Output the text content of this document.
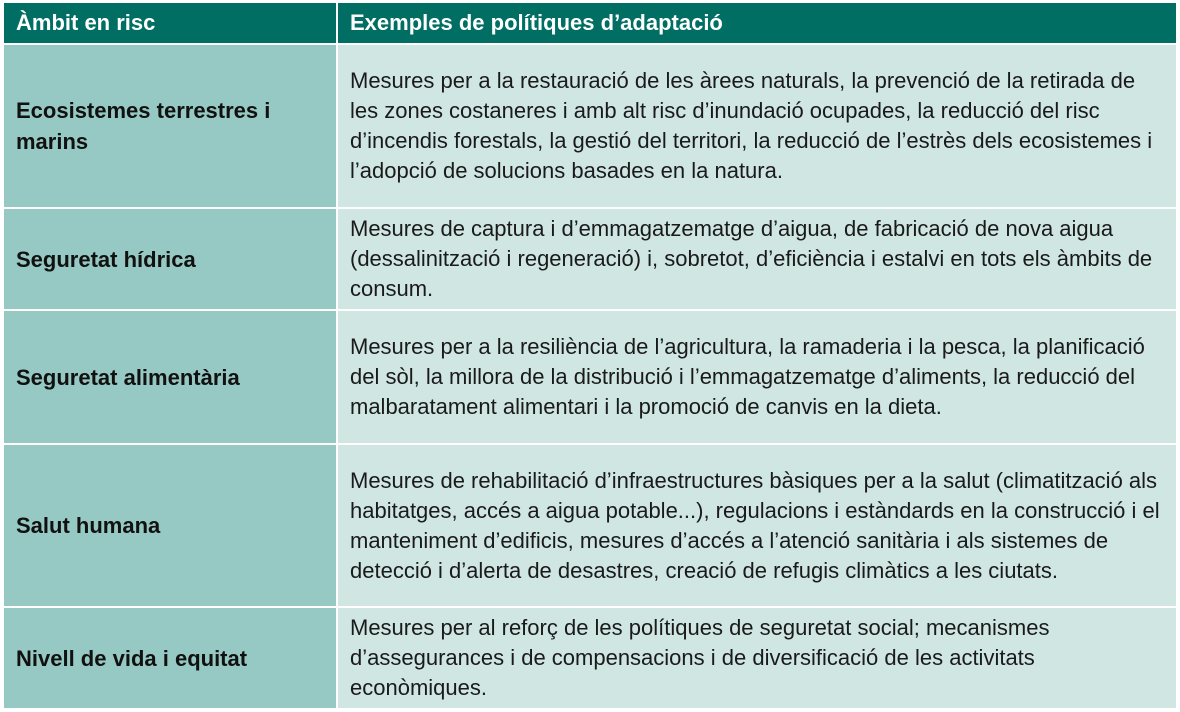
Àmbit en risc	Exemples de polítiques d’adaptació
Ecosistemes terrestres i marins	Mesures per a la restauració de les àrees naturals, la prevenció de la retirada de les zones costaneres i amb alt risc d’inundació ocupades, la reducció del risc d’incendis forestals, la gestió del territori, la reducció de l’estrès dels ecosistemes i l’adopció de solucions basades en la natura.
Seguretat hídrica	Mesures de captura i d’emmagatzematge d’aigua, de fabricació de nova aigua (dessalinització i regeneració) i, sobretot, d’eficiència i estalvi en tots els àmbits de consum.
Seguretat alimentària	Mesures per a la resiliència de l’agricultura, la ramaderia i la pesca, la planificació del sòl, la millora de la distribució i l’emmagatzematge d’aliments, la reducció del malbaratament alimentari i la promoció de canvis en la dieta.
Salut humana	Mesures de rehabilitació d’infraestructures bàsiques per a la salut (climatització als habitatges, accés a aigua potable...), regulacions i estàndards en la construcció i el manteniment d’edificis, mesures d’accés a l’atenció sanitària i als sistemes de detecció i d’alerta de desastres, creació de refugis climàtics a les ciutats.
Nivell de vida i equitat	Mesures per al reforç de les polítiques de seguretat social; mecanismes d’assegurances i de compensacions i de diversificació de les activitats econòmiques.
